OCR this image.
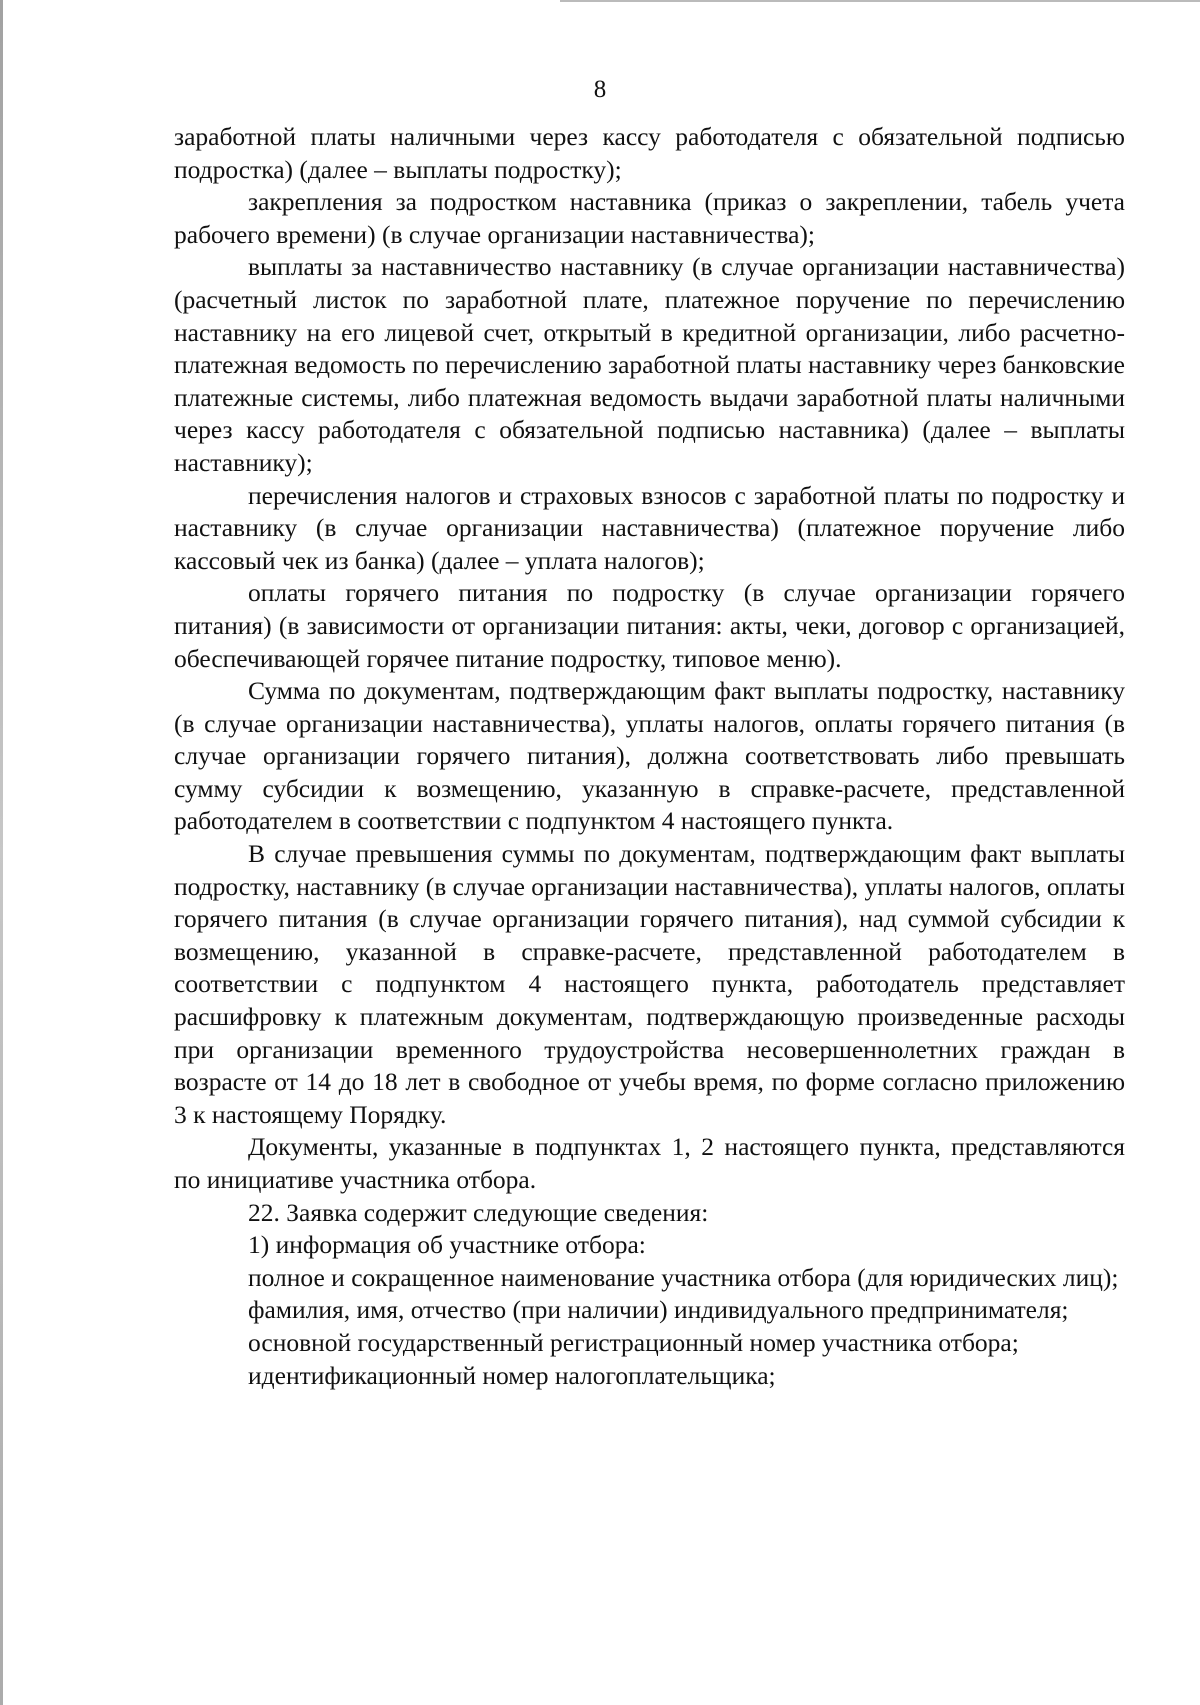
8

заработной платы наличными через кассу работодателя с обязательной подписью подростка) (далее – выплаты подростку);

закрепления за подростком наставника (приказ о закреплении, табель учета рабочего времени) (в случае организации наставничества);

выплаты за наставничество наставнику (в случае организации наставничества) (расчетный листок по заработной плате, платежное поручение по перечислению наставнику на его лицевой счет, открытый в кредитной организации, либо расчетно-платежная ведомость по перечислению заработной платы наставнику через банковские платежные системы, либо платежная ведомость выдачи заработной платы наличными через кассу работодателя с обязательной подписью наставника) (далее – выплаты наставнику);

перечисления налогов и страховых взносов с заработной платы по подростку и наставнику (в случае организации наставничества) (платежное поручение либо кассовый чек из банка) (далее – уплата налогов);

оплаты горячего питания по подростку (в случае организации горячего питания) (в зависимости от организации питания: акты, чеки, договор с организацией, обеспечивающей горячее питание подростку, типовое меню).

Сумма по документам, подтверждающим факт выплаты подростку, наставнику (в случае организации наставничества), уплаты налогов, оплаты горячего питания (в случае организации горячего питания), должна соответствовать либо превышать сумму субсидии к возмещению, указанную в справке-расчете, представленной работодателем в соответствии с подпунктом 4 настоящего пункта.

В случае превышения суммы по документам, подтверждающим факт выплаты подростку, наставнику (в случае организации наставничества), уплаты налогов, оплаты горячего питания (в случае организации горячего питания), над суммой субсидии к возмещению, указанной в справке-расчете, представленной работодателем в соответствии с подпунктом 4 настоящего пункта, работодатель представляет расшифровку к платежным документам, подтверждающую произведенные расходы при организации временного трудоустройства несовершеннолетних граждан в возрасте от 14 до 18 лет в свободное от учебы время, по форме согласно приложению 3 к настоящему Порядку.

Документы, указанные в подпунктах 1, 2 настоящего пункта, представляются по инициативе участника отбора.

22. Заявка содержит следующие сведения:

1) информация об участнике отбора:

полное и сокращенное наименование участника отбора (для юридических лиц);

фамилия, имя, отчество (при наличии) индивидуального предпринимателя;

основной государственный регистрационный номер участника отбора;

идентификационный номер налогоплательщика;
